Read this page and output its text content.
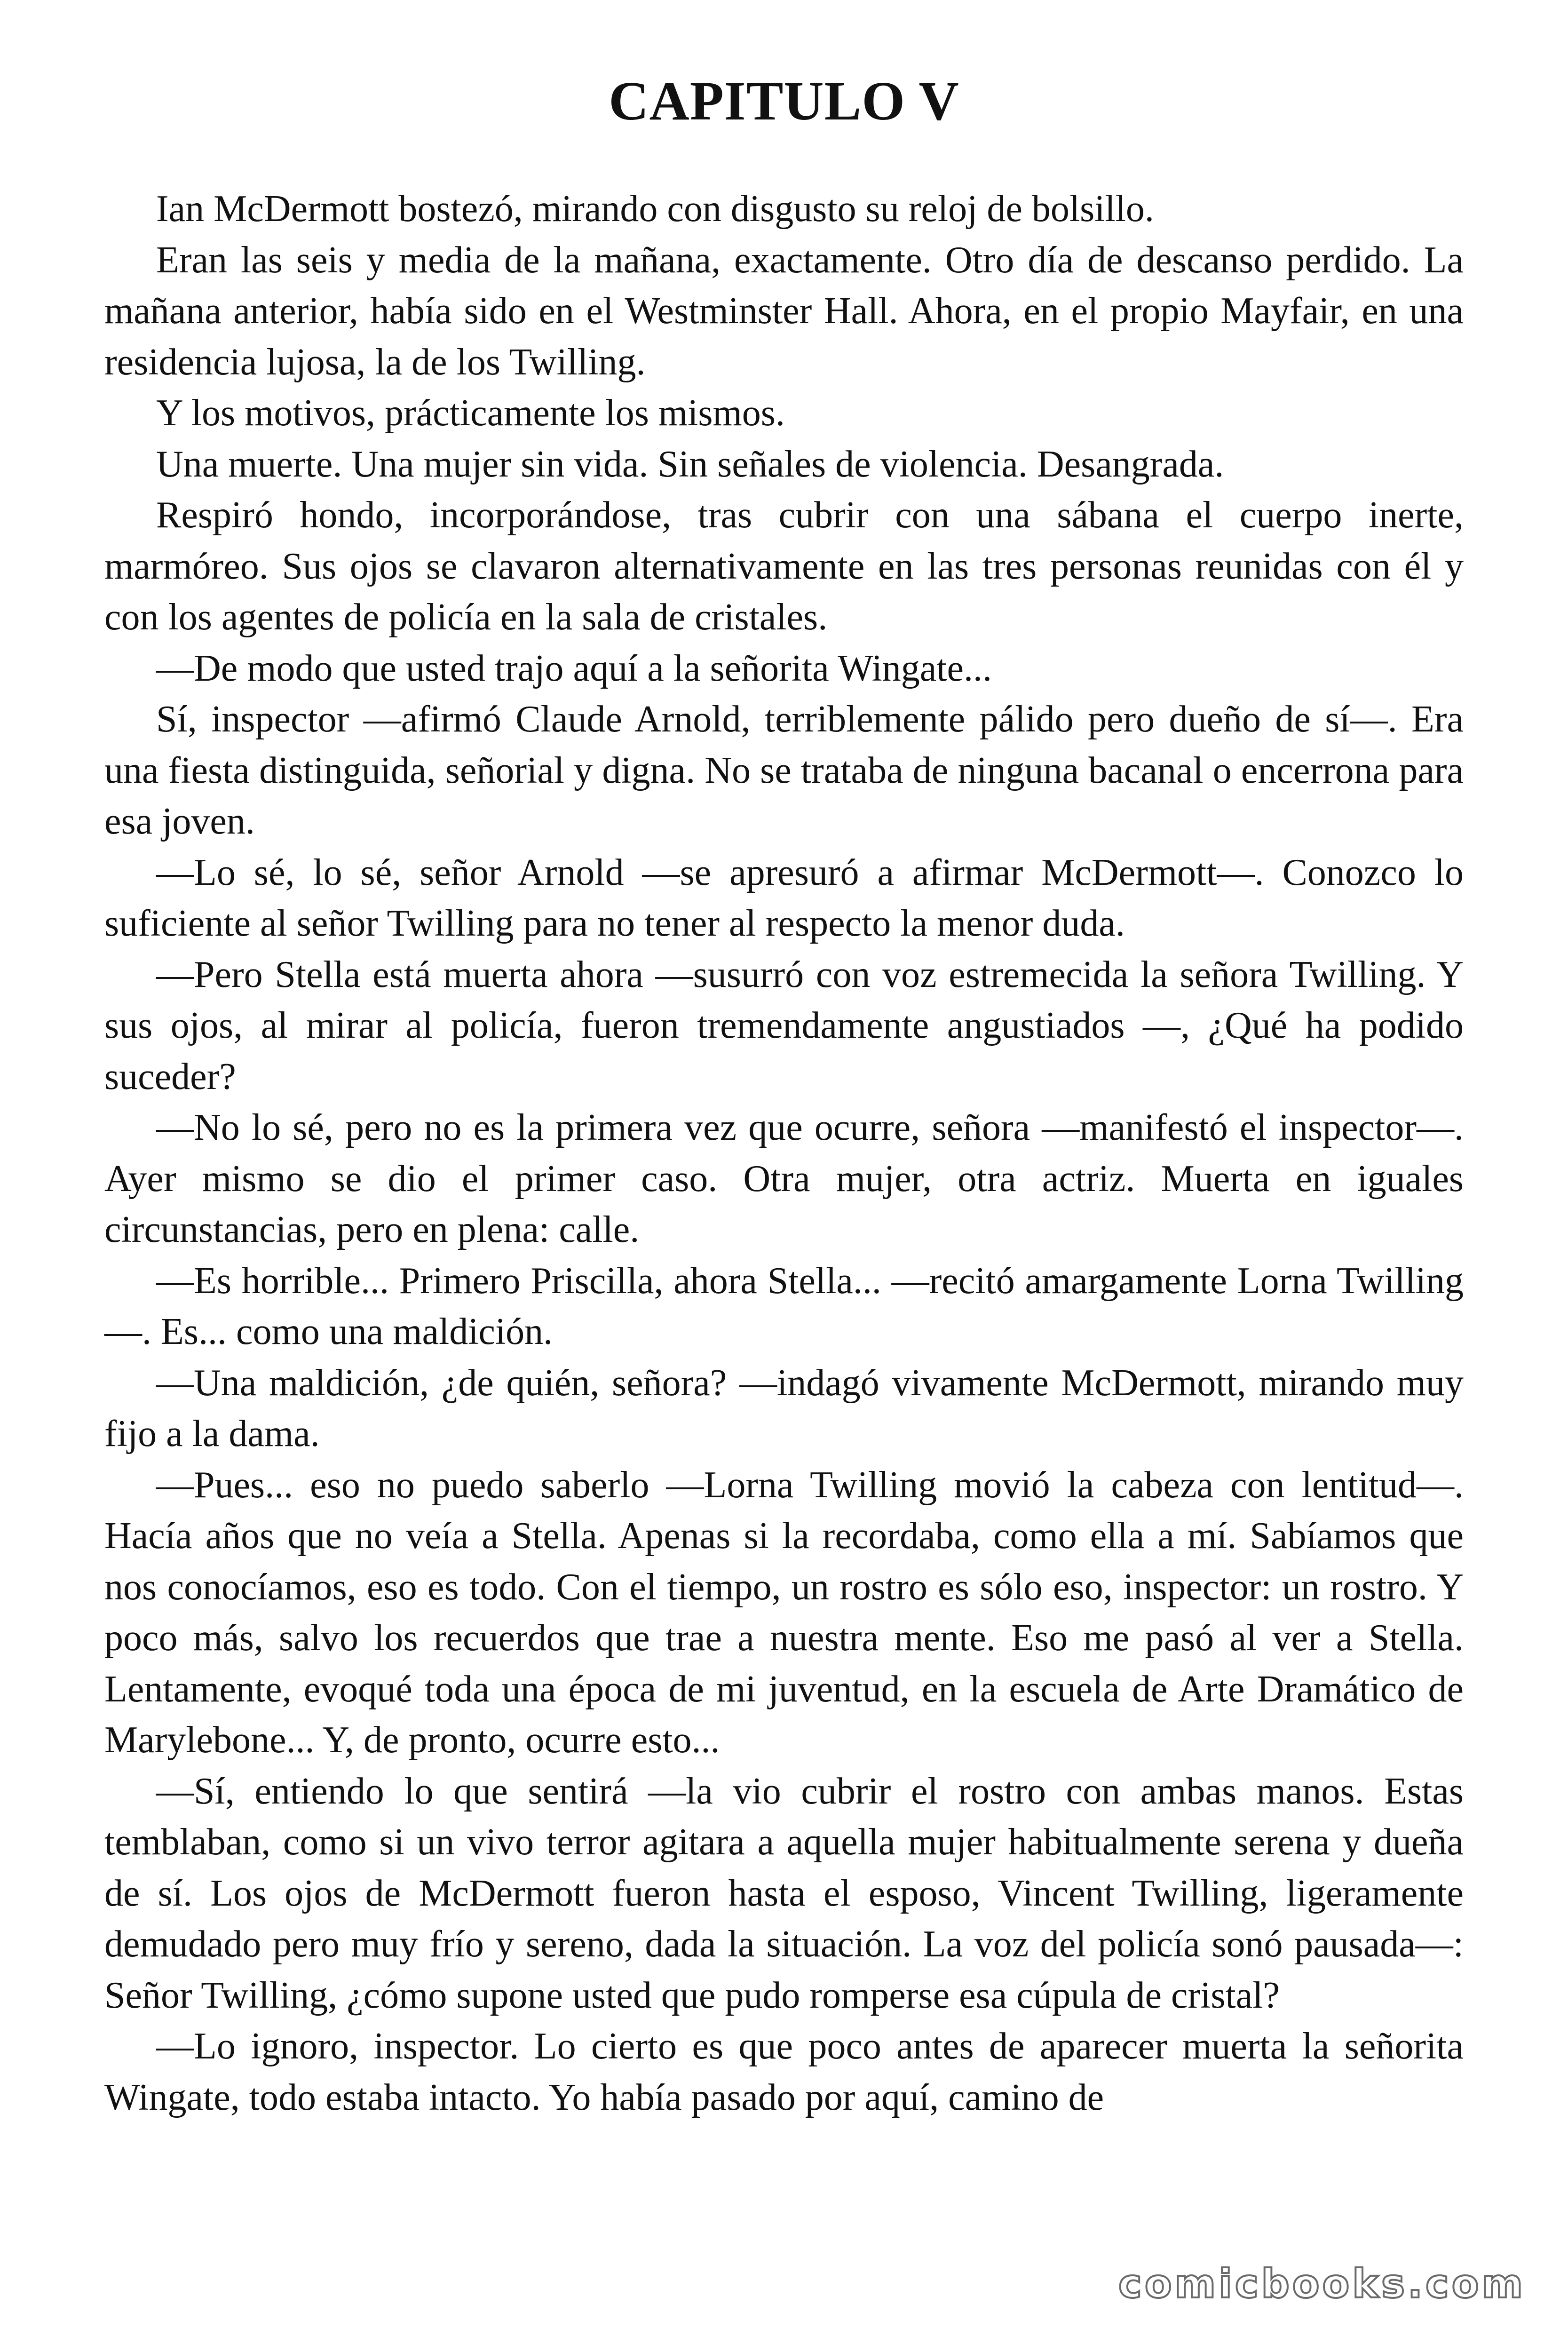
CAPITULO V

Ian McDermott bostezó, mirando con disgusto su reloj de bolsillo.

Eran las seis y media de la mañana, exactamente. Otro día de descanso perdido. La mañana anterior, había sido en el Westminster Hall. Ahora, en el propio Mayfair, en una residencia lujosa, la de los Twilling.

Y los motivos, prácticamente los mismos.

Una muerte. Una mujer sin vida. Sin señales de violencia. Desangrada.

Respiró hondo, incorporándose, tras cubrir con una sábana el cuerpo inerte, marmóreo. Sus ojos se clavaron alternativamente en las tres personas reunidas con él y con los agentes de policía en la sala de cristales.

—De modo que usted trajo aquí a la señorita Wingate...

Sí, inspector —afirmó Claude Arnold, terriblemente pálido pero dueño de sí—. Era una fiesta distinguida, señorial y digna. No se trataba de ninguna bacanal o encerrona para esa joven.

—Lo sé, lo sé, señor Arnold —se apresuró a afirmar McDermott—. Conozco lo suficiente al señor Twilling para no tener al respecto la menor duda.

—Pero Stella está muerta ahora —susurró con voz estremecida la señora Twilling. Y sus ojos, al mirar al policía, fueron tremendamente angustiados —, ¿Qué ha podido suceder?

—No lo sé, pero no es la primera vez que ocurre, señora —manifestó el inspector—. Ayer mismo se dio el primer caso. Otra mujer, otra actriz. Muerta en iguales circunstancias, pero en plena: calle.

—Es horrible... Primero Priscilla, ahora Stella... —recitó amargamente Lorna Twilling—. Es... como una maldición.

—Una maldición, ¿de quién, señora? —indagó vivamente McDermott, mirando muy fijo a la dama.

—Pues... eso no puedo saberlo —Lorna Twilling movió la cabeza con lentitud—. Hacía años que no veía a Stella. Apenas si la recordaba, como ella a mí. Sabíamos que nos conocíamos, eso es todo. Con el tiempo, un rostro es sólo eso, inspector: un rostro. Y poco más, salvo los recuerdos que trae a nuestra mente. Eso me pasó al ver a Stella. Lentamente, evoqué toda una época de mi juventud, en la escuela de Arte Dramático de Marylebone... Y, de pronto, ocurre esto...

—Sí, entiendo lo que sentirá —la vio cubrir el rostro con ambas manos. Estas temblaban, como si un vivo terror agitara a aquella mujer habitualmente serena y dueña de sí. Los ojos de McDermott fueron hasta el esposo, Vincent Twilling, ligeramente demudado pero muy frío y sereno, dada la situación. La voz del policía sonó pausada—: Señor Twilling, ¿cómo supone usted que pudo romperse esa cúpula de cristal?

—Lo ignoro, inspector. Lo cierto es que poco antes de aparecer muerta la señorita Wingate, todo estaba intacto. Yo había pasado por aquí, camino de

comicbooks.com
